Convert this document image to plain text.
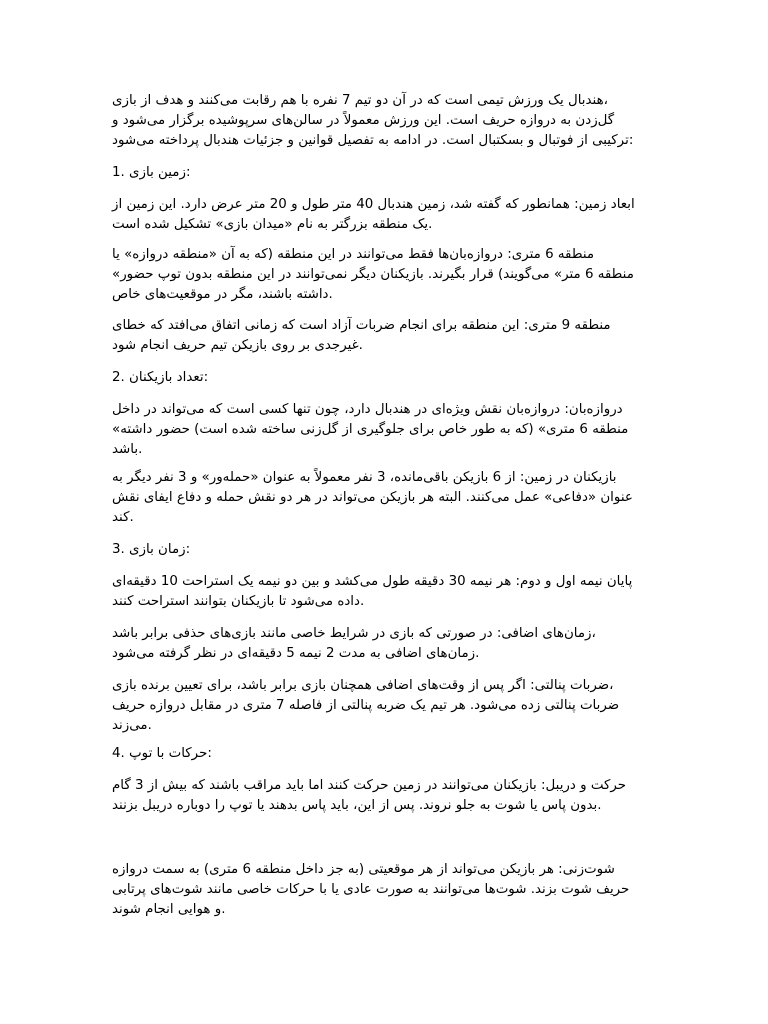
هندبال یک ورزش تیمی است که در آن دو تیم 7 نفره با هم رقابت می‌کنند و هدف از بازی،
گل‌زدن به دروازه حریف است. این ورزش معمولاً در سالن‌های سرپوشیده برگزار می‌شود و
ترکیبی از فوتبال و بسکتبال است. در ادامه به تفصیل قوانین و جزئیات هندبال پرداخته می‌شود:
1. زمین بازی:
ابعاد زمین: همانطور که گفته شد، زمین هندبال 40 متر طول و 20 متر عرض دارد. این زمین از
یک منطقه بزرگتر به نام «میدان بازی» تشکیل شده است.
منطقه 6 متری: دروازه‌بان‌ها فقط می‌توانند در این منطقه (که به آن «منطقه دروازه» یا
«منطقه 6 متر» می‌گویند) قرار بگیرند. بازیکنان دیگر نمی‌توانند در این منطقه بدون توپ حضور
داشته باشند، مگر در موقعیت‌های خاص.
منطقه 9 متری: این منطقه برای انجام ضربات آزاد است که زمانی اتفاق می‌افتد که خطای
غیرجدی بر روی بازیکن تیم حریف انجام شود.
2. تعداد بازیکنان:
دروازه‌بان: دروازه‌بان نقش ویژه‌ای در هندبال دارد، چون تنها کسی است که می‌تواند در داخل
«منطقه 6 متری» (که به طور خاص برای جلوگیری از گل‌زنی ساخته شده است) حضور داشته
باشد.
بازیکنان در زمین: از 6 بازیکن باقی‌مانده، 3 نفر معمولاً به عنوان «حمله‌ور» و 3 نفر دیگر به
عنوان «دفاعی» عمل می‌کنند. البته هر بازیکن می‌تواند در هر دو نقش حمله و دفاع ایفای نقش
کند.
3. زمان بازی:
پایان نیمه اول و دوم: هر نیمه 30 دقیقه طول می‌کشد و بین دو نیمه یک استراحت 10 دقیقه‌ای
داده می‌شود تا بازیکنان بتوانند استراحت کنند.
زمان‌های اضافی: در صورتی که بازی در شرایط خاصی مانند بازی‌های حذفی برابر باشد،
زمان‌های اضافی به مدت 2 نیمه 5 دقیقه‌ای در نظر گرفته می‌شود.
ضربات پنالتی: اگر پس از وقت‌های اضافی همچنان بازی برابر باشد، برای تعیین برنده بازی،
ضربات پنالتی زده می‌شود. هر تیم یک ضربه پنالتی از فاصله 7 متری در مقابل دروازه حریف
می‌زند.
4. حرکات با توپ:
حرکت و دریبل: بازیکنان می‌توانند در زمین حرکت کنند اما باید مراقب باشند که بیش از 3 گام
بدون پاس یا شوت به جلو نروند. پس از این، باید پاس بدهند یا توپ را دوباره دریبل بزنند.
شوت‌زنی: هر بازیکن می‌تواند از هر موقعیتی (به جز داخل منطقه 6 متری) به سمت دروازه
حریف شوت بزند. شوت‌ها می‌توانند به صورت عادی یا با حرکات خاصی مانند شوت‌های پرتابی
و هوایی انجام شوند.
